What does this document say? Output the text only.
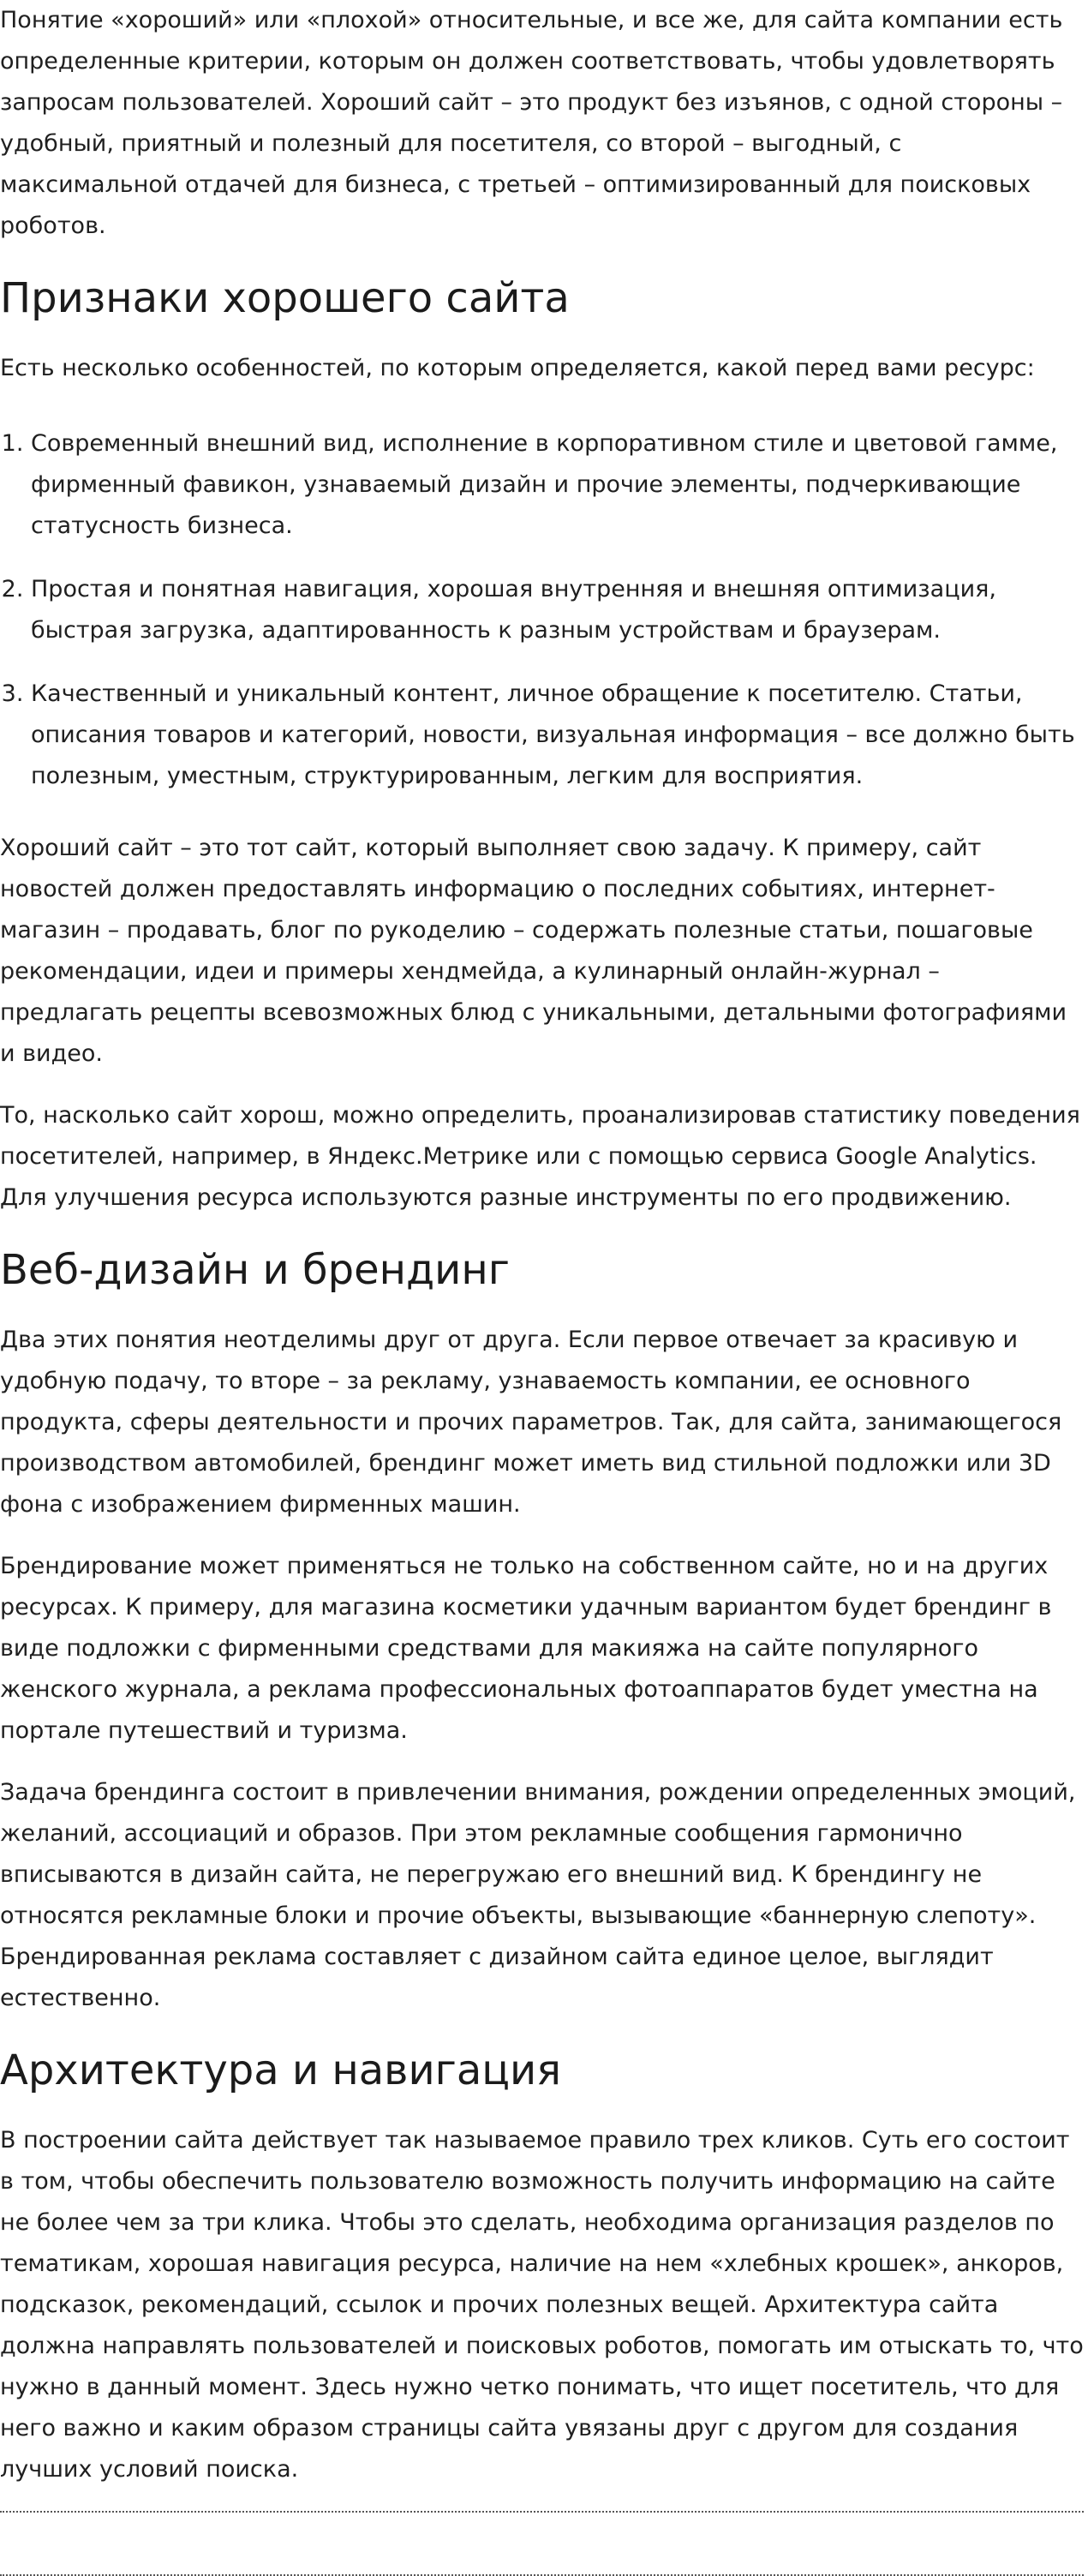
Понятие «хороший» или «плохой» относительные, и все же, для сайта компании есть определенные критерии, которым он должен соответствовать, чтобы удовлетворять запросам пользователей. Хороший сайт – это продукт без изъянов, с одной стороны – удобный, приятный и полезный для посетителя, со второй – выгодный, с максимальной отдачей для бизнеса, с третьей – оптимизированный для поисковых роботов.

Признаки хорошего сайта

Есть несколько особенностей, по которым определяется, какой перед вами ресурс:

1. Современный внешний вид, исполнение в корпоративном стиле и цветовой гамме, фирменный фавикон, узнаваемый дизайн и прочие элементы, подчеркивающие статусность бизнеса.
2. Простая и понятная навигация, хорошая внутренняя и внешняя оптимизация, быстрая загрузка, адаптированность к разным устройствам и браузерам.
3. Качественный и уникальный контент, личное обращение к посетителю. Статьи, описания товаров и категорий, новости, визуальная информация – все должно быть полезным, уместным, структурированным, легким для восприятия.

Хороший сайт – это тот сайт, который выполняет свою задачу. К примеру, сайт новостей должен предоставлять информацию о последних событиях, интернет-магазин – продавать, блог по рукоделию – содержать полезные статьи, пошаговые рекомендации, идеи и примеры хендмейда, а кулинарный онлайн-журнал – предлагать рецепты всевозможных блюд с уникальными, детальными фотографиями и видео.

То, насколько сайт хорош, можно определить, проанализировав статистику поведения посетителей, например, в Яндекс.Метрике или с помощью сервиса Google Analytics. Для улучшения ресурса используются разные инструменты по его продвижению.

Веб-дизайн и брендинг

Два этих понятия неотделимы друг от друга. Если первое отвечает за красивую и удобную подачу, то вторе – за рекламу, узнаваемость компании, ее основного продукта, сферы деятельности и прочих параметров. Так, для сайта, занимающегося производством автомобилей, брендинг может иметь вид стильной подложки или 3D фона с изображением фирменных машин.

Брендирование может применяться не только на собственном сайте, но и на других ресурсах. К примеру, для магазина косметики удачным вариантом будет брендинг в виде подложки с фирменными средствами для макияжа на сайте популярного женского журнала, а реклама профессиональных фотоаппаратов будет уместна на портале путешествий и туризма.

Задача брендинга состоит в привлечении внимания, рождении определенных эмоций, желаний, ассоциаций и образов. При этом рекламные сообщения гармонично вписываются в дизайн сайта, не перегружаю его внешний вид. К брендингу не относятся рекламные блоки и прочие объекты, вызывающие «баннерную слепоту». Брендированная реклама составляет с дизайном сайта единое целое, выглядит естественно.

Архитектура и навигация

В построении сайта действует так называемое правило трех кликов. Суть его состоит в том, чтобы обеспечить пользователю возможность получить информацию на сайте не более чем за три клика. Чтобы это сделать, необходима организация разделов по тематикам, хорошая навигация ресурса, наличие на нем «хлебных крошек», анкоров, подсказок, рекомендаций, ссылок и прочих полезных вещей. Архитектура сайта должна направлять пользователей и поисковых роботов, помогать им отыскать то, что нужно в данный момент. Здесь нужно четко понимать, что ищет посетитель, что для него важно и каким образом страницы сайта увязаны друг с другом для создания лучших условий поиска.
